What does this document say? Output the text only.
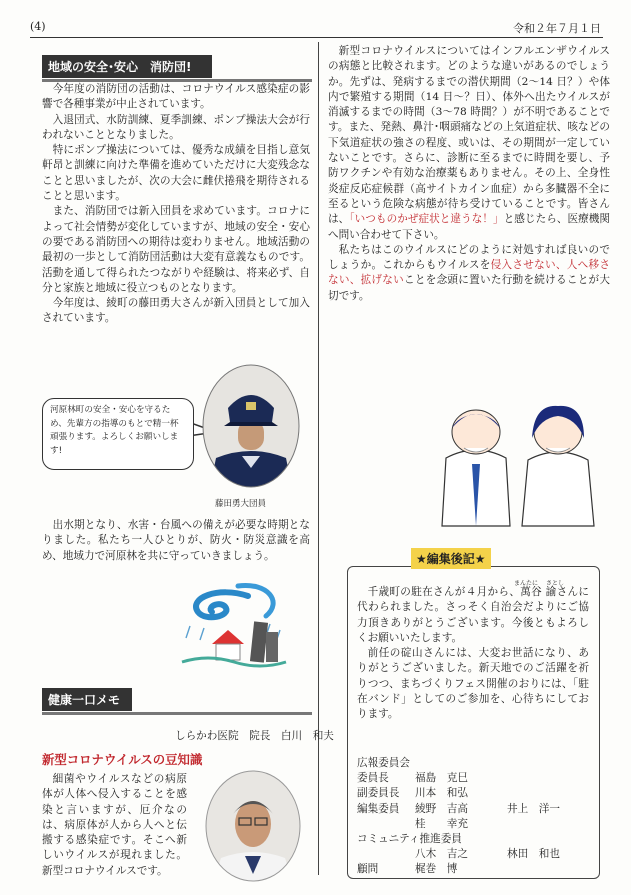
(4)	令和２年７月１日
地域の安全･安心　消防団!

今年度の消防団の活動は、コロナウイルス感染症の影響で各種事業が中止されています。

入退団式、水防訓練、夏季訓練、ポンプ操法大会が行われないこととなりました。

特にポンプ操法については、優秀な成績を目指し意気軒昂と訓練に向けた準備を進めていただけに大変残念なことと思いましたが、次の大会に雌伏捲飛を期待されることと思います。

また、消防団では新入団員を求めています。コロナによって社会情勢が変化していますが、地域の安全・安心の要である消防団への期待は変わりません。地域活動の最初の一歩として消防団活動は大変有意義なものです。活動を通して得られたつながりや経験は、将来必ず、自分と家族と地域に役立つものとなります。

今年度は、綾町の藤田勇大さんが新入団員として加入されています。

河原林町の安全・安心を守るため、先輩方の指導のもとで精一杯頑張ります。よろしくお願いします!
藤田勇大団員

出水期となり、水害・台風への備えが必要な時期となりました。私たち一人ひとりが、防火・防災意識を高め、地域力で河原林を共に守っていきましょう。

健康一口メモ
しらかわ医院　院長　白川　和夫
新型コロナウイルスの豆知識

細菌やウイルスなどの病原体が人体へ侵入することを感染と言いますが、厄介なのは、病原体が人から人へと伝搬する感染症です。そこへ新しいウイルスが現れました。新型コロナウイルスです。

新型コロナウイルスについてはインフルエンザウイルスの病態と比較されます。どのような違いがあるのでしょうか。先ずは、発病するまでの潜伏期間（2～14 日？）や体内で繁殖する期間（14 日～？日）、体外へ出たウイルスが消滅するまでの時間（3～78 時間？）が不明であることです。また、発熱、鼻汁･咽頭痛などの上気道症状、咳などの下気道症状の強さの程度、或いは、その期間が一定していないことです。さらに、診断に至るまでに時間を要し、予防ワクチンや有効な治療薬もありません。その上、全身性炎症反応症候群（高サイトカイン血症）から多臓器不全に至るという危険な病態が待ち受けていることです。皆さんは、「いつものかぜ症状と違うな！」と感じたら、医療機関へ問い合わせて下さい。

私たちはこのウイルスにどのように対処すれば良いのでしょうか。これからもウイルスを侵入させない、人へ移さない、拡げないことを念頭に置いた行動を続けることが大切です。

★編集後記★
まんたに さとし

千歳町の駐在さんが４月から、萬谷 諭さんに代わられました。さっそく自治会だよりにご協力頂きありがとうございます。今後ともよろしくお願いいたします。

前任の碇山さんには、大変お世話になり、ありがとうございました。新天地でのご活躍を祈りつつ、まちづくりフェス開催のおりには、「駐在バンド」としてのご参加を、心待ちにしております。

広報委員会
委員長 福島　克巳
副委員長 川本　和弘
編集委員 綾野　吉高	井上　洋一
桂　　幸充
コミュニティ推進委員
八木　吉之	林田　和也
顧問	梶巻　博
